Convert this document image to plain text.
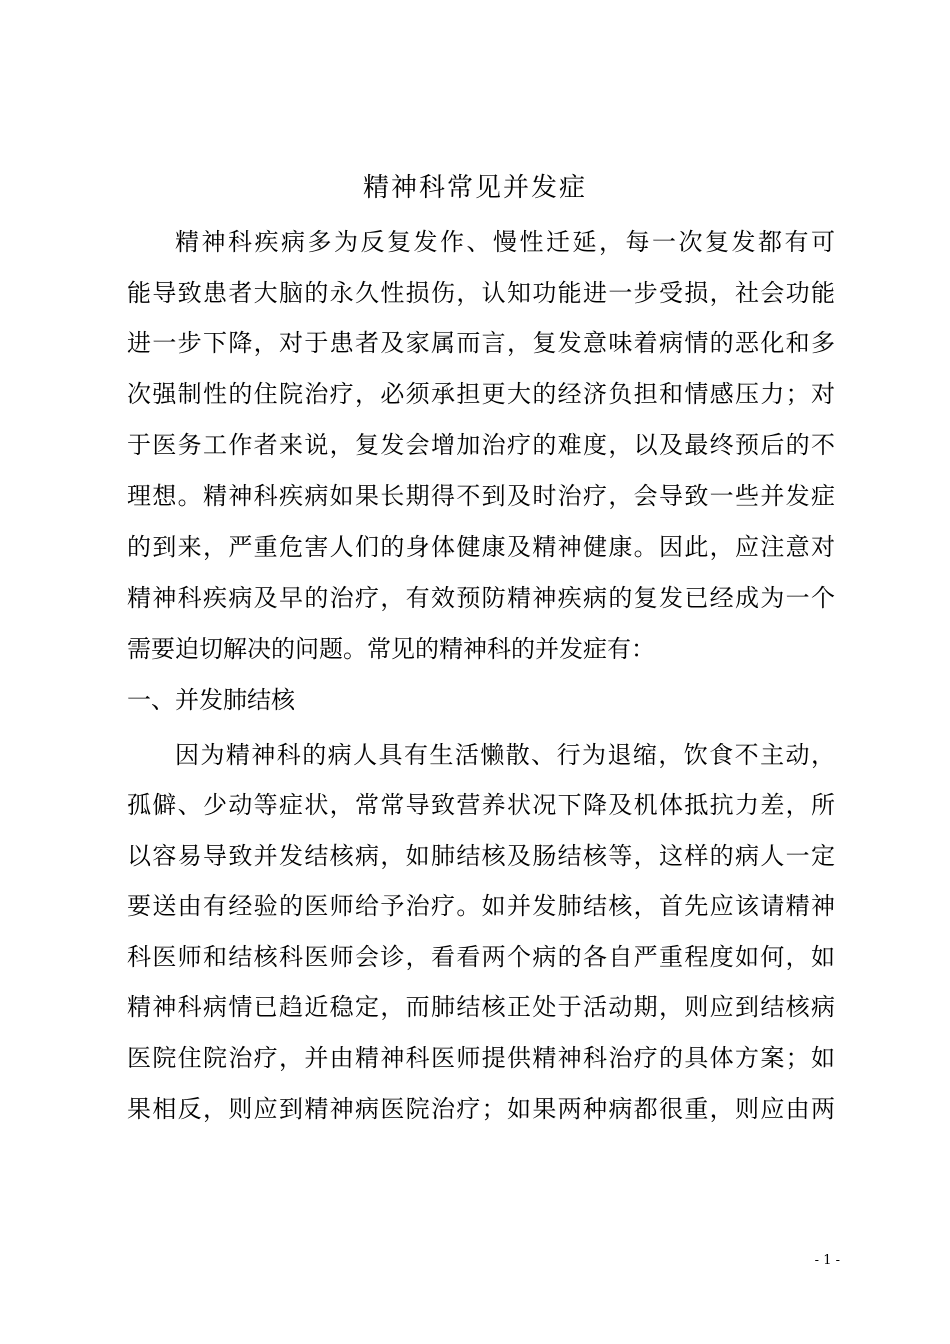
精神科常见并发症

精神科疾病多为反复发作、慢性迁延，每一次复发都有可

能导致患者大脑的永久性损伤，认知功能进一步受损，社会功能

进一步下降，对于患者及家属而言，复发意味着病情的恶化和多

次强制性的住院治疗，必须承担更大的经济负担和情感压力；对

于医务工作者来说，复发会增加治疗的难度，以及最终预后的不

理想。精神科疾病如果长期得不到及时治疗，会导致一些并发症

的到来，严重危害人们的身体健康及精神健康。因此，应注意对

精神科疾病及早的治疗，有效预防精神疾病的复发已经成为一个

需要迫切解决的问题。常见的精神科的并发症有：

一、并发肺结核

因为精神科的病人具有生活懒散、行为退缩，饮食不主动，

孤僻、少动等症状，常常导致营养状况下降及机体抵抗力差，所

以容易导致并发结核病，如肺结核及肠结核等，这样的病人一定

要送由有经验的医师给予治疗。如并发肺结核，首先应该请精神

科医师和结核科医师会诊，看看两个病的各自严重程度如何，如

精神科病情已趋近稳定，而肺结核正处于活动期，则应到结核病

医院住院治疗，并由精神科医师提供精神科治疗的具体方案；如

果相反，则应到精神病医院治疗；如果两种病都很重，则应由两

- 1 -
